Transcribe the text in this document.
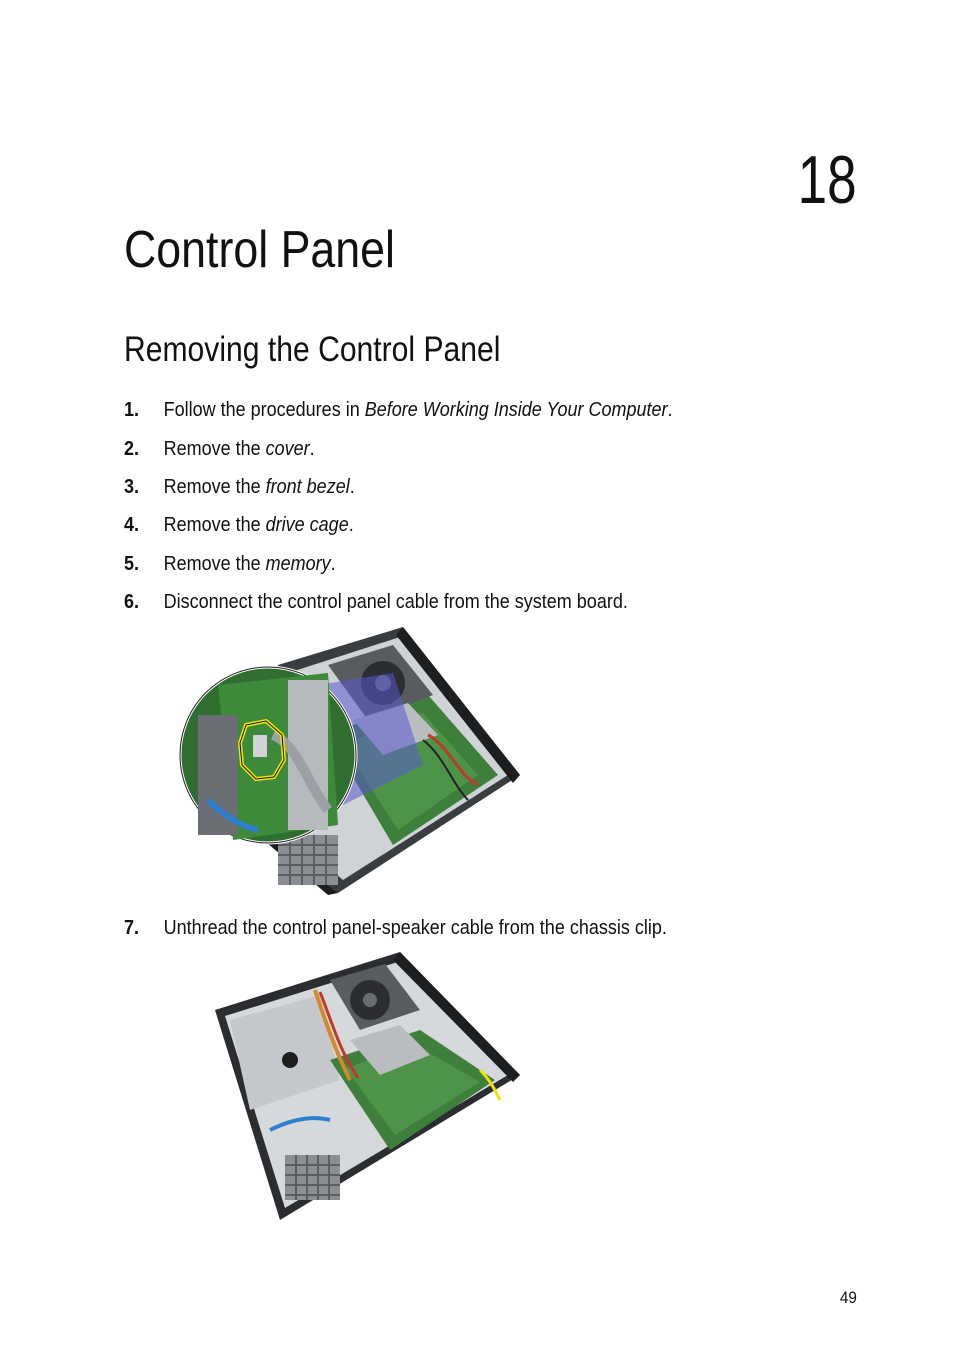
18
Control Panel
Removing the Control Panel
1. Follow the procedures in Before Working Inside Your Computer.
2. Remove the cover.
3. Remove the front bezel.
4. Remove the drive cage.
5. Remove the memory.
6. Disconnect the control panel cable from the system board.
7. Unthread the control panel-speaker cable from the chassis clip.
49
